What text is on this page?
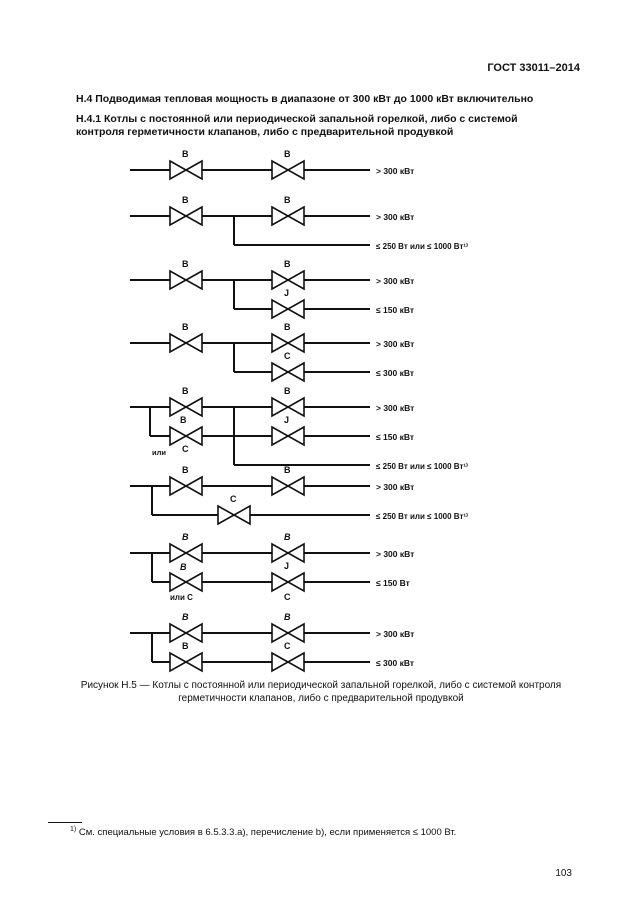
ГОСТ 33011–2014
Н.4 Подводимая тепловая мощность в диапазоне от 300 кВт до 1000 кВт включительно
Н.4.1 Котлы с постоянной или периодической запальной горелкой, либо с системой
контроля герметичности клапанов, либо с предварительной продувкой
B	B
> 300 кВт
B	B
> 300 кВт
≤ 250 Вт или ≤ 1000 Вт¹⁾
B	B
> 300 кВт
J
≤ 150 кВт
B	B
> 300 кВт
C
≤ 300 кВт
B	B
> 300 кВт
J
B
C
или
≤ 150 кВт
≤ 250 Вт или ≤ 1000 Вт¹⁾
B	B
> 300 кВт
C
≤ 250 Вт или ≤ 1000 Вт¹⁾
B	B
> 300 кВт
J
B
C
или С
≤ 150 Вт
B	B
> 300 кВт
B	C
≤ 300 кВт
Рисунок Н.5 — Котлы с постоянной или периодической запальной горелкой, либо с системой контроля
герметичности клапанов, либо с предварительной продувкой
$^{1)}$ См. специальные условия в 6.5.3.3.а), перечисление b), если применяется ≤ 1000 Вт.
103
